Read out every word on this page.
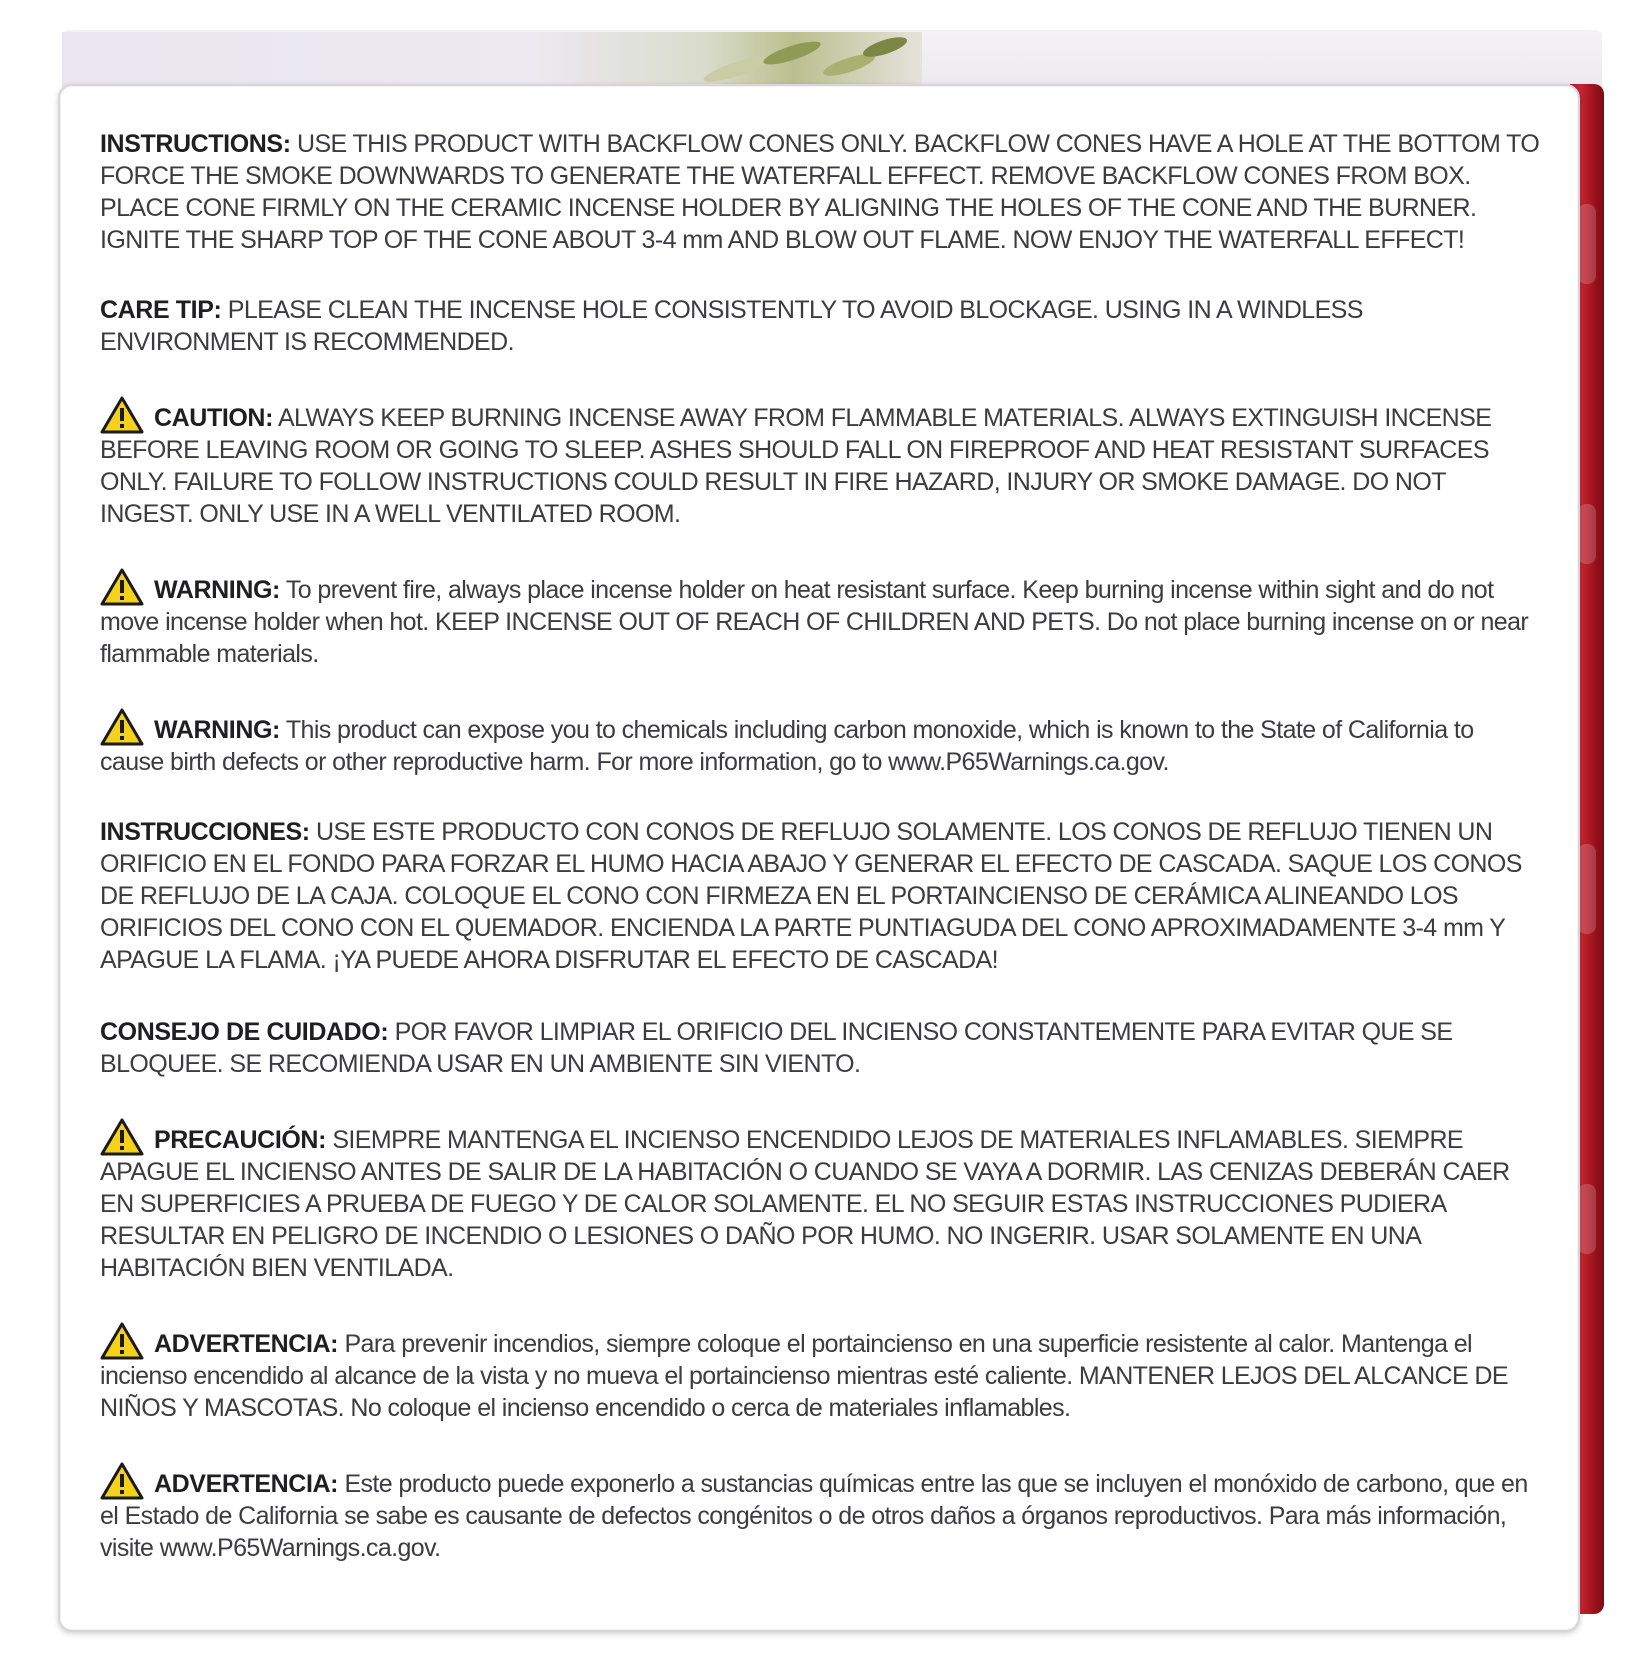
INSTRUCTIONS: USE THIS PRODUCT WITH BACKFLOW CONES ONLY. BACKFLOW CONES HAVE A HOLE AT THE BOTTOM TO FORCE THE SMOKE DOWNWARDS TO GENERATE THE WATERFALL EFFECT. REMOVE BACKFLOW CONES FROM BOX. PLACE CONE FIRMLY ON THE CERAMIC INCENSE HOLDER BY ALIGNING THE HOLES OF THE CONE AND THE BURNER. IGNITE THE SHARP TOP OF THE CONE ABOUT 3-4 mm AND BLOW OUT FLAME. NOW ENJOY THE WATERFALL EFFECT!

CARE TIP: PLEASE CLEAN THE INCENSE HOLE CONSISTENTLY TO AVOID BLOCKAGE. USING IN A WINDLESS ENVIRONMENT IS RECOMMENDED.

CAUTION: ALWAYS KEEP BURNING INCENSE AWAY FROM FLAMMABLE MATERIALS. ALWAYS EXTINGUISH INCENSE BEFORE LEAVING ROOM OR GOING TO SLEEP. ASHES SHOULD FALL ON FIREPROOF AND HEAT RESISTANT SURFACES ONLY. FAILURE TO FOLLOW INSTRUCTIONS COULD RESULT IN FIRE HAZARD, INJURY OR SMOKE DAMAGE. DO NOT INGEST. ONLY USE IN A WELL VENTILATED ROOM.

WARNING: To prevent fire, always place incense holder on heat resistant surface. Keep burning incense within sight and do not move incense holder when hot. KEEP INCENSE OUT OF REACH OF CHILDREN AND PETS. Do not place burning incense on or near flammable materials.

WARNING: This product can expose you to chemicals including carbon monoxide, which is known to the State of California to cause birth defects or other reproductive harm. For more information, go to www.P65Warnings.ca.gov.

INSTRUCCIONES: USE ESTE PRODUCTO CON CONOS DE REFLUJO SOLAMENTE. LOS CONOS DE REFLUJO TIENEN UN ORIFICIO EN EL FONDO PARA FORZAR EL HUMO HACIA ABAJO Y GENERAR EL EFECTO DE CASCADA. SAQUE LOS CONOS DE REFLUJO DE LA CAJA. COLOQUE EL CONO CON FIRMEZA EN EL PORTAINCIENSO DE CERÁMICA ALINEANDO LOS ORIFICIOS DEL CONO CON EL QUEMADOR. ENCIENDA LA PARTE PUNTIAGUDA DEL CONO APROXIMADAMENTE 3-4 mm Y APAGUE LA FLAMA. ¡YA PUEDE AHORA DISFRUTAR EL EFECTO DE CASCADA!

CONSEJO DE CUIDADO: POR FAVOR LIMPIAR EL ORIFICIO DEL INCIENSO CONSTANTEMENTE PARA EVITAR QUE SE BLOQUEE. SE RECOMIENDA USAR EN UN AMBIENTE SIN VIENTO.

PRECAUCIÓN: SIEMPRE MANTENGA EL INCIENSO ENCENDIDO LEJOS DE MATERIALES INFLAMABLES. SIEMPRE APAGUE EL INCIENSO ANTES DE SALIR DE LA HABITACIÓN O CUANDO SE VAYA A DORMIR. LAS CENIZAS DEBERÁN CAER EN SUPERFICIES A PRUEBA DE FUEGO Y DE CALOR SOLAMENTE. EL NO SEGUIR ESTAS INSTRUCCIONES PUDIERA RESULTAR EN PELIGRO DE INCENDIO O LESIONES O DAÑO POR HUMO. NO INGERIR. USAR SOLAMENTE EN UNA HABITACIÓN BIEN VENTILADA.

ADVERTENCIA: Para prevenir incendios, siempre coloque el portaincienso en una superficie resistente al calor. Mantenga el incienso encendido al alcance de la vista y no mueva el portaincienso mientras esté caliente. MANTENER LEJOS DEL ALCANCE DE NIÑOS Y MASCOTAS. No coloque el incienso encendido o cerca de materiales inflamables.

ADVERTENCIA: Este producto puede exponerlo a sustancias químicas entre las que se incluyen el monóxido de carbono, que en el Estado de California se sabe es causante de defectos congénitos o de otros daños a órganos reproductivos. Para más información, visite www.P65Warnings.ca.gov.
